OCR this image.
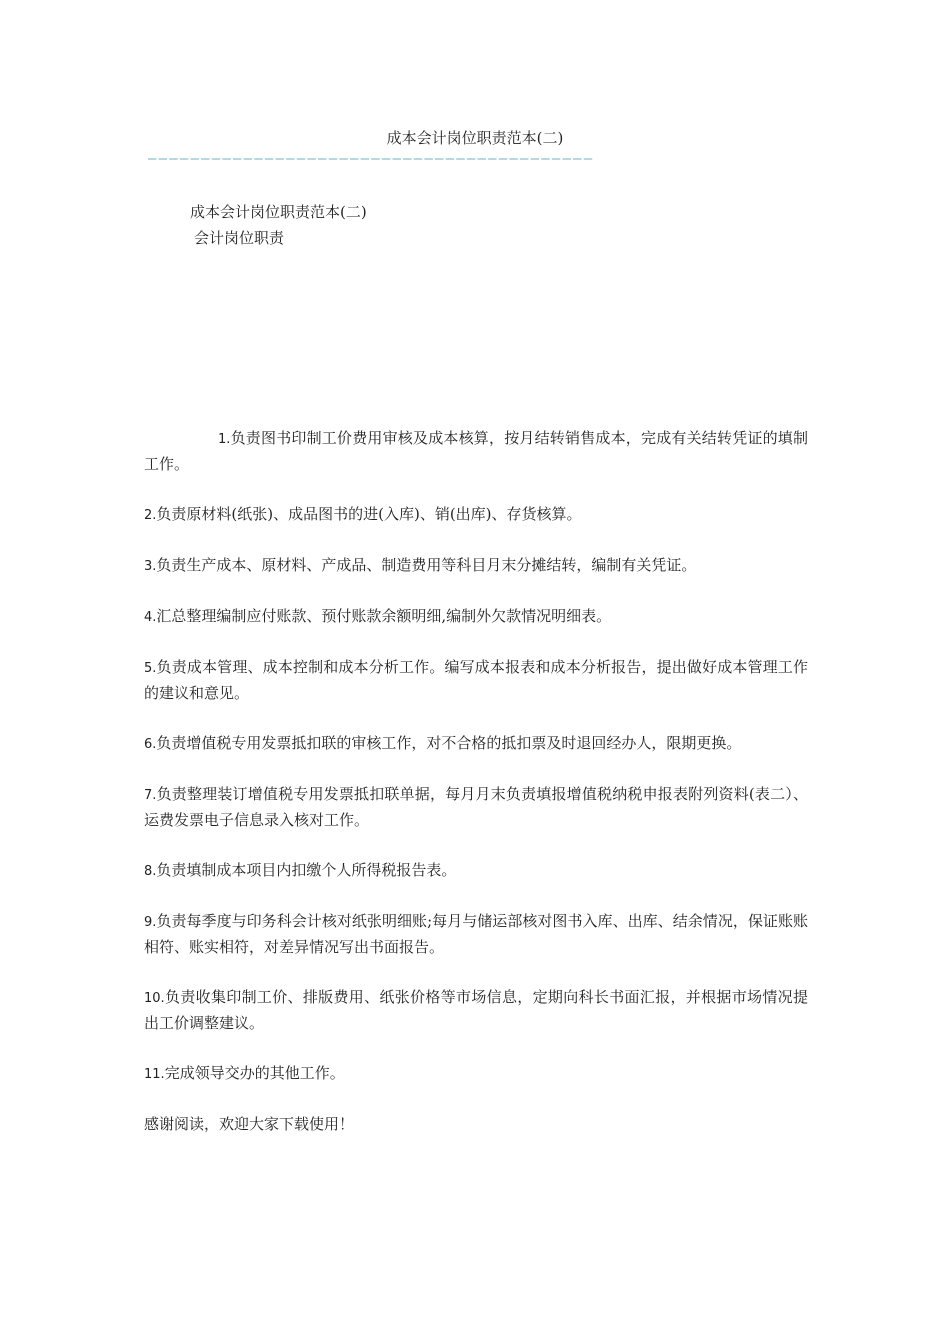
成本会计岗位职责范本(二)
——————————————————————————————————————————
成本会计岗位职责范本(二)
会计岗位职责

1.负责图书印制工价费用审核及成本核算，按月结转销售成本，完成有关结转凭证的填制工作。

2.负责原材料(纸张)、成品图书的进(入库)、销(出库)、存货核算。

3.负责生产成本、原材料、产成品、制造费用等科目月末分摊结转，编制有关凭证。

4.汇总整理编制应付账款、预付账款余额明细,编制外欠款情况明细表。

5.负责成本管理、成本控制和成本分析工作。编写成本报表和成本分析报告，提出做好成本管理工作的建议和意见。

6.负责增值税专用发票抵扣联的审核工作，对不合格的抵扣票及时退回经办人，限期更换。

7.负责整理装订增值税专用发票抵扣联单据，每月月末负责填报增值税纳税申报表附列资料(表二）、运费发票电子信息录入核对工作。

8.负责填制成本项目内扣缴个人所得税报告表。

9.负责每季度与印务科会计核对纸张明细账;每月与储运部核对图书入库、出库、结余情况，保证账账相符、账实相符，对差异情况写出书面报告。

10.负责收集印制工价、排版费用、纸张价格等市场信息，定期向科长书面汇报，并根据市场情况提出工价调整建议。

11.完成领导交办的其他工作。

感谢阅读，欢迎大家下载使用！
